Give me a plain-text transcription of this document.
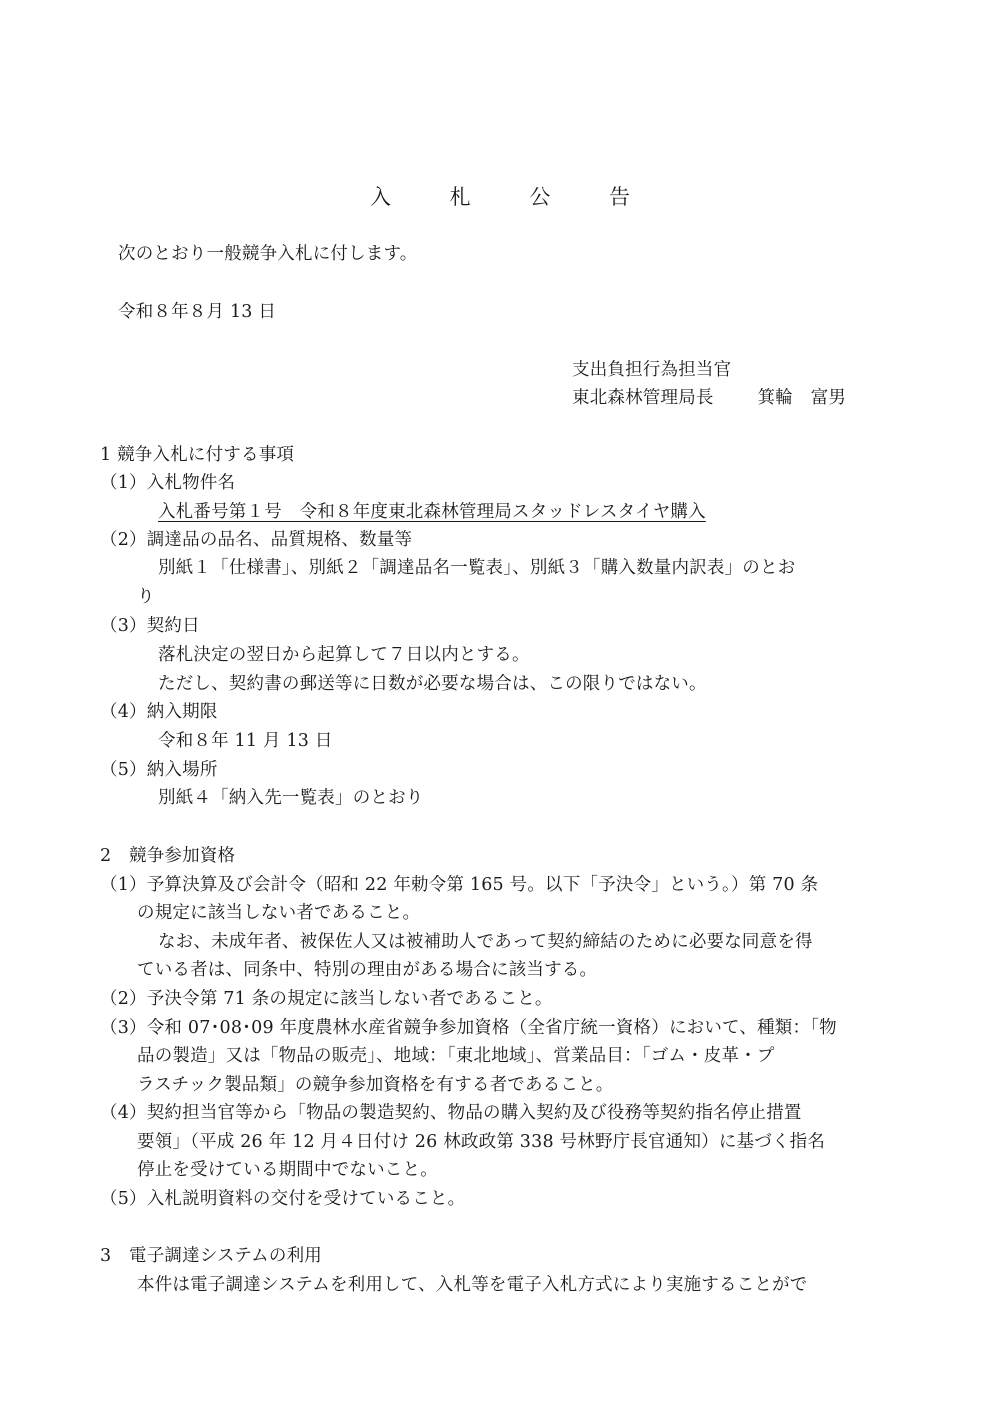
入 札 公 告
次のとおり一般競争入札に付します。
令和８年８月 13 日
支出負担行為担当官
東北森林管理局長	箕輪　富男
1 競争入札に付する事項
（1）入札物件名
入札番号第１号　令和８年度東北森林管理局スタッドレスタイヤ購入
（2）調達品の品名、品質規格、数量等
別紙１「仕様書」、別紙２「調達品名一覧表」、別紙３「購入数量内訳表」のとお
り
（3）契約日
落札決定の翌日から起算して７日以内とする。
ただし、契約書の郵送等に日数が必要な場合は、この限りではない。
（4）納入期限
令和８年 11 月 13 日
（5）納入場所
別紙４「納入先一覧表」のとおり
2　競争参加資格
（1）予算決算及び会計令（昭和 22 年勅令第 165 号。以下「予決令」という。）第 70 条
の規定に該当しない者であること。
なお、未成年者、被保佐人又は被補助人であって契約締結のために必要な同意を得
ている者は、同条中、特別の理由がある場合に該当する。
（2）予決令第 71 条の規定に該当しない者であること。
（3）令和 07･08･09 年度農林水産省競争参加資格（全省庁統一資格）において、種類：「物
品の製造」又は「物品の販売」、地域：「東北地域」、営業品目：「ゴム・皮革・プ
ラスチック製品類」の競争参加資格を有する者であること。
（4）契約担当官等から「物品の製造契約、物品の購入契約及び役務等契約指名停止措置
要領」（平成 26 年 12 月４日付け 26 林政政第 338 号林野庁長官通知）に基づく指名
停止を受けている期間中でないこと。
（5）入札説明資料の交付を受けていること。
3　電子調達システムの利用
本件は電子調達システムを利用して、入札等を電子入札方式により実施することがで
